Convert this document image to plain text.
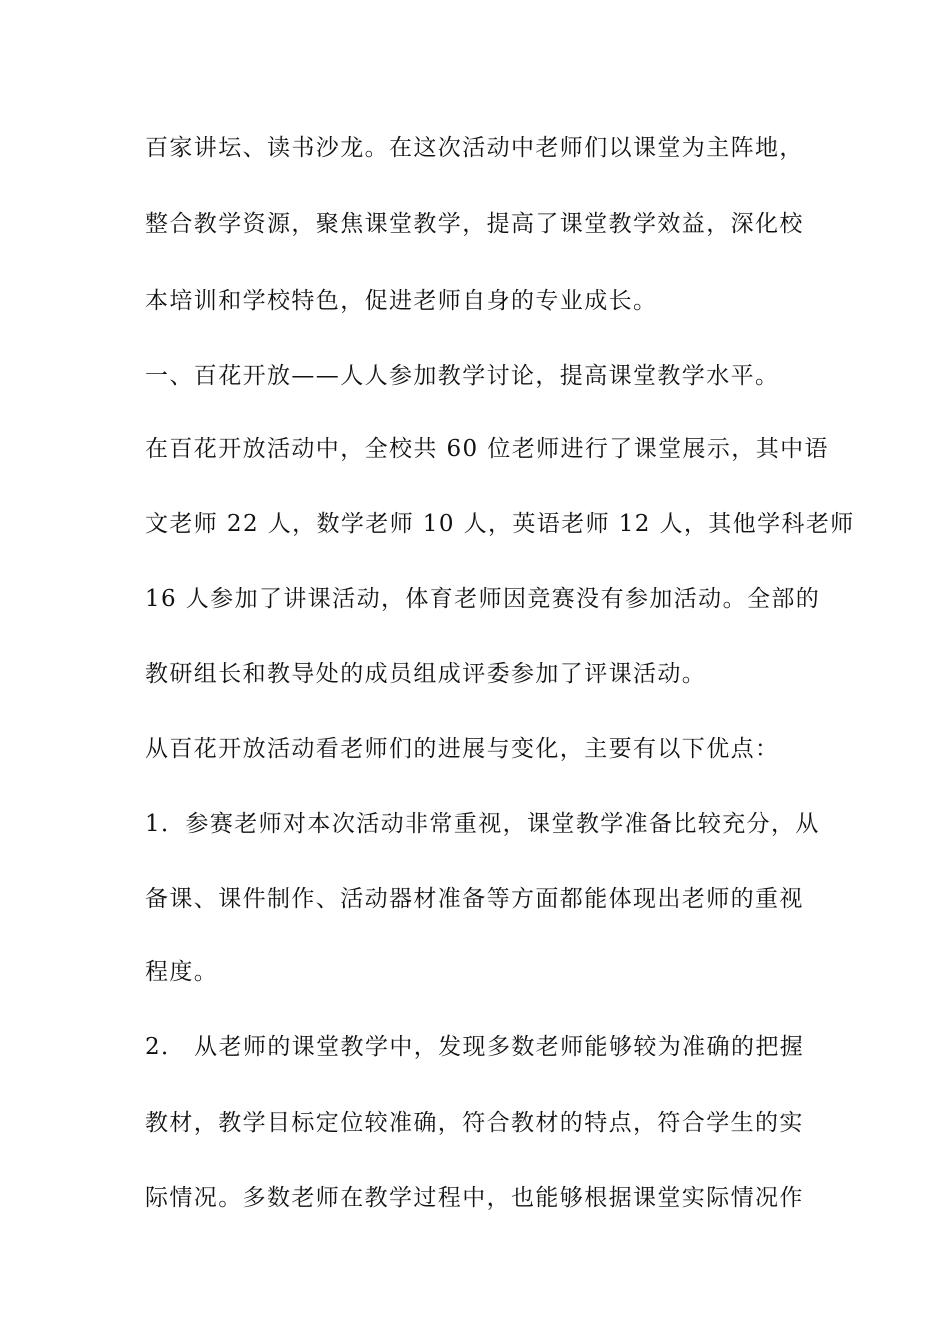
百家讲坛、读书沙龙。在这次活动中老师们以课堂为主阵地，
整合教学资源，聚焦课堂教学，提高了课堂教学效益，深化校
本培训和学校特色，促进老师自身的专业成长。
一、百花开放——人人参加教学讨论，提高课堂教学水平。
在百花开放活动中，全校共 60 位老师进行了课堂展示，其中语
文老师 22 人，数学老师 10 人，英语老师 12 人，其他学科老师
16 人参加了讲课活动，体育老师因竞赛没有参加活动。全部的
教研组长和教导处的成员组成评委参加了评课活动。
从百花开放活动看老师们的进展与变化，主要有以下优点：
1．参赛老师对本次活动非常重视，课堂教学准备比较充分，从
备课、课件制作、活动器材准备等方面都能体现出老师的重视
程度。
2． 从老师的课堂教学中，发现多数老师能够较为准确的把握
教材，教学目标定位较准确，符合教材的特点，符合学生的实
际情况。多数老师在教学过程中，也能够根据课堂实际情况作
